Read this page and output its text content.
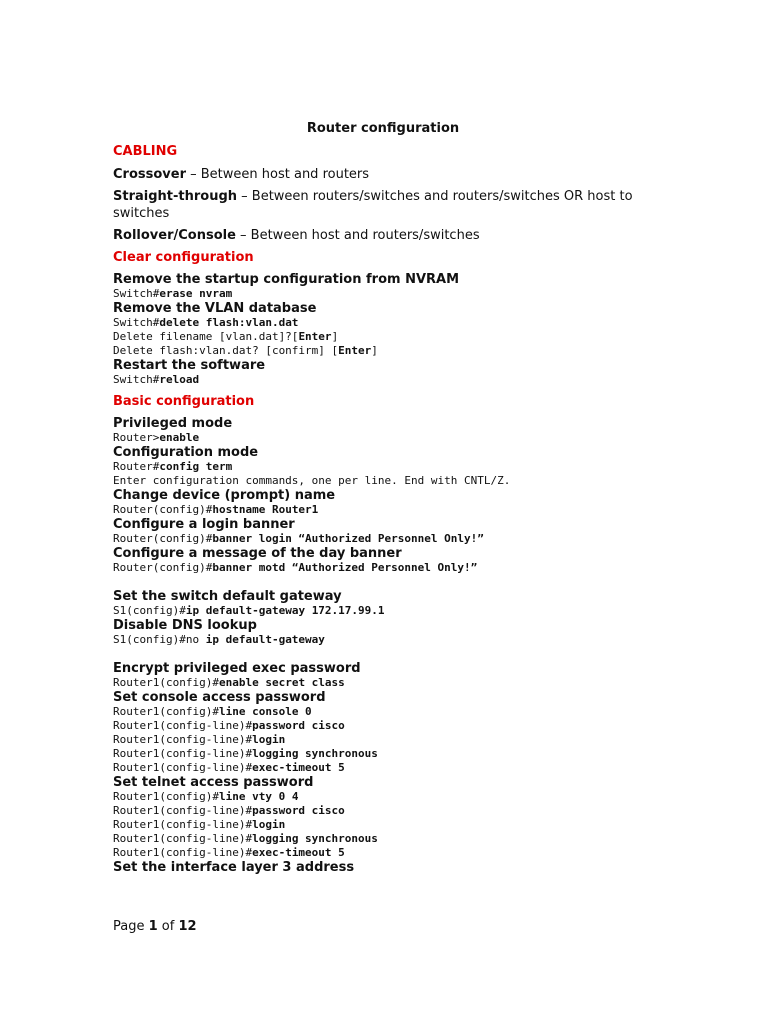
Router configuration
CABLING
Crossover – Between host and routers
Straight-through – Between routers/switches and routers/switches OR host to switches
Rollover/Console – Between host and routers/switches
Clear configuration
Remove the startup configuration from NVRAM
Switch#erase nvram
Remove the VLAN database
Switch#delete flash:vlan.dat
Delete filename [vlan.dat]?[Enter]
Delete flash:vlan.dat? [confirm] [Enter]
Restart the software
Switch#reload
Basic configuration
Privileged mode
Router>enable
Configuration mode
Router#config term
Enter configuration commands, one per line. End with CNTL/Z.
Change device (prompt) name
Router(config)#hostname Router1
Configure a login banner
Router(config)#banner login “Authorized Personnel Only!”
Configure a message of the day banner
Router(config)#banner motd “Authorized Personnel Only!”
Set the switch default gateway
S1(config)#ip default-gateway 172.17.99.1
Disable DNS lookup
S1(config)#no ip default-gateway
Encrypt privileged exec password
Router1(config)#enable secret class
Set console access password
Router1(config)#line console 0
Router1(config-line)#password cisco
Router1(config-line)#login
Router1(config-line)#logging synchronous
Router1(config-line)#exec-timeout 5
Set telnet access password
Router1(config)#line vty 0 4
Router1(config-line)#password cisco
Router1(config-line)#login
Router1(config-line)#logging synchronous
Router1(config-line)#exec-timeout 5
Set the interface layer 3 address
Page 1 of 12
